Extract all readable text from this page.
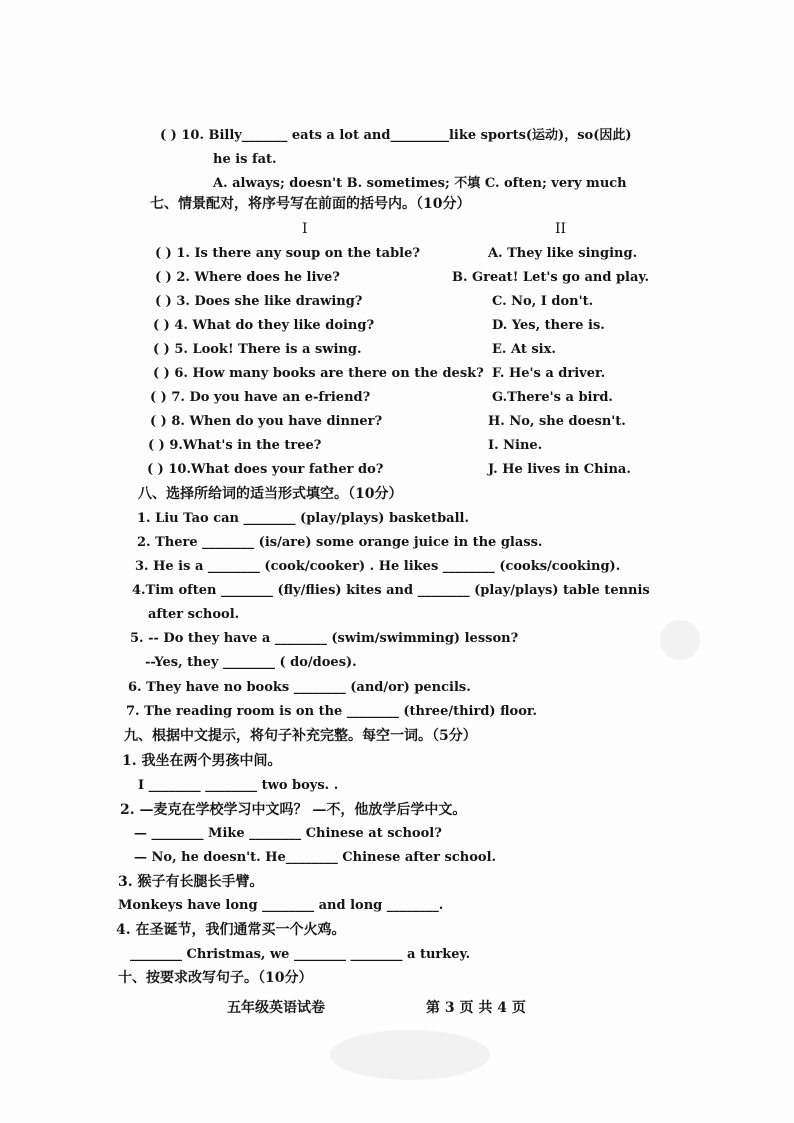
( ) 10. Billy_______ eats a lot and_________like sports(运动)，so(因此)
he is fat.
A. always; doesn't B. sometimes; 不填 C. often; very much
七、情景配对，将序号写在前面的括号内。（10分）
I	II
( ) 1. Is there any soup on the table?
( ) 2. Where does he live?
( ) 3. Does she like drawing?
( ) 4. What do they like doing?
( ) 5. Look! There is a swing.
( ) 6. How many books are there on the desk?
( ) 7. Do you have an e-friend?
( ) 8. When do you have dinner?
( ) 9.What's in the tree?
( ) 10.What does your father do?
A. They like singing.
B. Great! Let's go and play.
C. No, I don't.
D. Yes, there is.
E. At six.
F. He's a driver.
G.There's a bird.
H. No, she doesn't.
I. Nine.
J. He lives in China.
八、选择所给词的适当形式填空。（10分）
1. Liu Tao can ________ (play/plays) basketball.
2. There ________ (is/are) some orange juice in the glass.
3. He is a ________ (cook/cooker) . He likes ________ (cooks/cooking).
4.Tim often ________ (fly/flies) kites and ________ (play/plays) table tennis
after school.
5. -- Do they have a ________ (swim/swimming) lesson?
--Yes, they ________ ( do/does).
6. They have no books ________ (and/or) pencils.
7. The reading room is on the ________ (three/third) floor.
九、根据中文提示，将句子补充完整。每空一词。（5分）
1. 我坐在两个男孩中间。
I ________ ________ two boys. .
2. —麦克在学校学习中文吗？ —不，他放学后学中文。
— ________ Mike ________ Chinese at school?
— No, he doesn't. He________ Chinese after school.
3. 猴子有长腿长手臂。
Monkeys have long ________ and long ________.
4. 在圣诞节，我们通常买一个火鸡。
________ Christmas, we ________ ________ a turkey.
十、按要求改写句子。（10分）
五年级英语试卷	第 3 页 共 4 页
